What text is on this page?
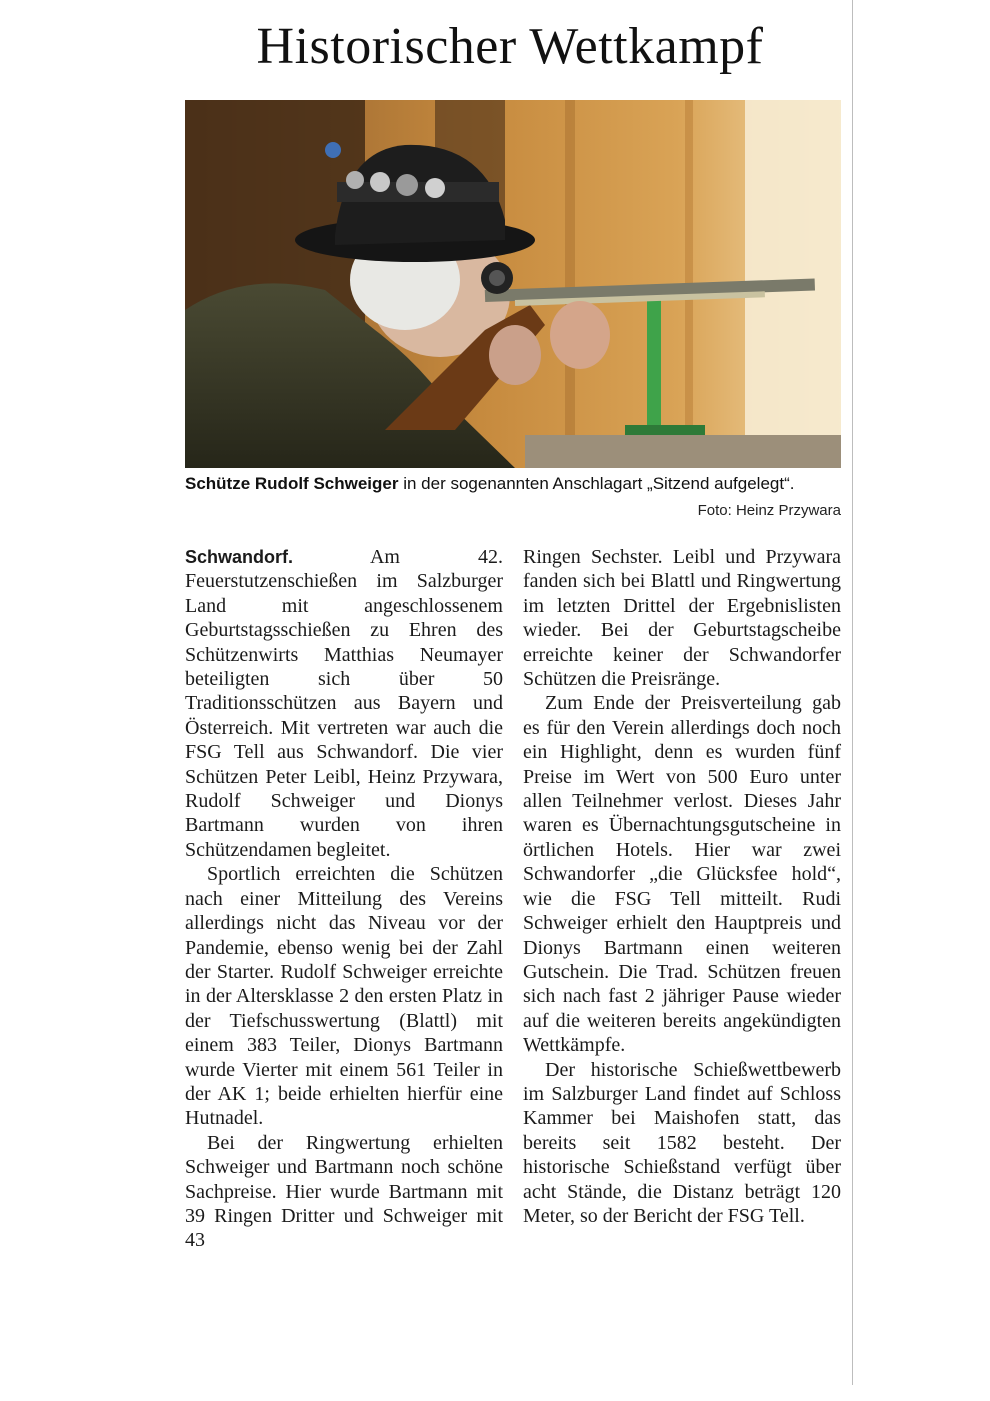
Historischer Wettkampf
Schütze Rudolf Schweiger in der sogenannten Anschlagart „Sitzend aufgelegt“.
Foto: Heinz Przywara

Schwandorf. Am 42. Feuerstutzenschießen im Salzburger Land mit angeschlossenem Geburtstagsschießen zu Ehren des Schützenwirts Matthias Neumayer beteiligten sich über 50 Traditionsschützen aus Bayern und Österreich. Mit vertreten war auch die FSG Tell aus Schwandorf. Die vier Schützen Peter Leibl, Heinz Przywara, Rudolf Schweiger und Dionys Bartmann wurden von ihren Schützendamen begleitet.

Sportlich erreichten die Schützen nach einer Mitteilung des Vereins allerdings nicht das Niveau vor der Pandemie, ebenso wenig bei der Zahl der Starter. Rudolf Schweiger erreichte in der Altersklasse 2 den ersten Platz in der Tiefschusswertung (Blattl) mit einem 383 Teiler, Dionys Bartmann wurde Vierter mit einem 561 Teiler in der AK 1; beide erhielten hierfür eine Hutnadel.

Bei der Ringwertung erhielten Schweiger und Bartmann noch schöne Sachpreise. Hier wurde Bartmann mit 39 Ringen Dritter und Schweiger mit 43

Ringen Sechster. Leibl und Przywara fanden sich bei Blattl und Ringwertung im letzten Drittel der Ergebnislisten wieder. Bei der Geburtstagscheibe erreichte keiner der Schwandorfer Schützen die Preisränge.

Zum Ende der Preisverteilung gab es für den Verein allerdings doch noch ein Highlight, denn es wurden fünf Preise im Wert von 500 Euro unter allen Teilnehmer verlost. Dieses Jahr waren es Übernachtungsgutscheine in örtlichen Hotels. Hier war zwei Schwandorfer „die Glücksfee hold“, wie die FSG Tell mitteilt. Rudi Schweiger erhielt den Hauptpreis und Dionys Bartmann einen weiteren Gutschein. Die Trad. Schützen freuen sich nach fast 2 jähriger Pause wieder auf die weiteren bereits angekündigten Wettkämpfe.

Der historische Schießwettbewerb im Salzburger Land findet auf Schloss Kammer bei Maishofen statt, das bereits seit 1582 besteht. Der historische Schießstand verfügt über acht Stände, die Distanz beträgt 120 Meter, so der Bericht der FSG Tell.
